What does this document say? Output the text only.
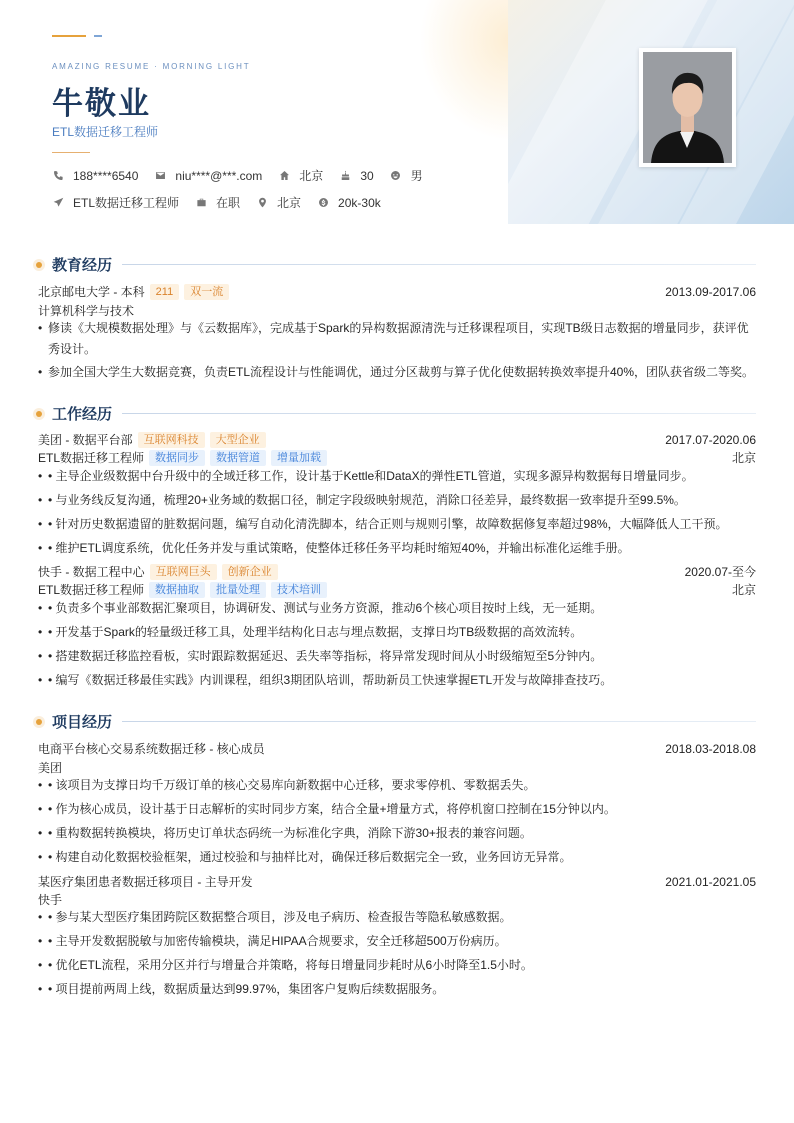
AMAZING RESUME · MORNING LIGHT
牛敬业
ETL数据迁移工程师
188****6540	niu****@***.com	北京	30	男
ETL数据迁移工程师	在职	北京	20k-30k
教育经历
北京邮电大学 - 本科	211	双一流	2013.09-2017.06
计算机科学与技术
• 修读《大规模数据处理》与《云数据库》，完成基于Spark的异构数据源清洗与迁移课程项目，实现TB级日志数据的增量同步，获评优秀设计。
• 参加全国大学生大数据竞赛，负责ETL流程设计与性能调优，通过分区裁剪与算子优化使数据转换效率提升40%，团队获省级二等奖。
工作经历
美团 - 数据平台部	互联网科技	大型企业	2017.07-2020.06
ETL数据迁移工程师	数据同步	数据管道	增量加载	北京
• • 主导企业级数据中台升级中的全域迁移工作，设计基于Kettle和DataX的弹性ETL管道，实现多源异构数据每日增量同步。
• • 与业务线反复沟通，梳理20+业务域的数据口径，制定字段级映射规范，消除口径差异，最终数据一致率提升至99.5%。
• • 针对历史数据遗留的脏数据问题，编写自动化清洗脚本，结合正则与规则引擎，故障数据修复率超过98%，大幅降低人工干预。
• • 维护ETL调度系统，优化任务并发与重试策略，使整体迁移任务平均耗时缩短40%，并输出标准化运维手册。
快手 - 数据工程中心	互联网巨头	创新企业	2020.07-至今
ETL数据迁移工程师	数据抽取	批量处理	技术培训	北京
• • 负责多个事业部数据汇聚项目，协调研发、测试与业务方资源，推动6个核心项目按时上线，无一延期。
• • 开发基于Spark的轻量级迁移工具，处理半结构化日志与埋点数据，支撑日均TB级数据的高效流转。
• • 搭建数据迁移监控看板，实时跟踪数据延迟、丢失率等指标，将异常发现时间从小时级缩短至5分钟内。
• • 编写《数据迁移最佳实践》内训课程，组织3期团队培训，帮助新员工快速掌握ETL开发与故障排查技巧。
项目经历
电商平台核心交易系统数据迁移 - 核心成员	2018.03-2018.08
美团
• • 该项目为支撑日均千万级订单的核心交易库向新数据中心迁移，要求零停机、零数据丢失。
• • 作为核心成员，设计基于日志解析的实时同步方案，结合全量+增量方式，将停机窗口控制在15分钟以内。
• • 重构数据转换模块，将历史订单状态码统一为标准化字典，消除下游30+报表的兼容问题。
• • 构建自动化数据校验框架，通过校验和与抽样比对，确保迁移后数据完全一致，业务回访无异常。
某医疗集团患者数据迁移项目 - 主导开发	2021.01-2021.05
快手
• • 参与某大型医疗集团跨院区数据整合项目，涉及电子病历、检查报告等隐私敏感数据。
• • 主导开发数据脱敏与加密传输模块，满足HIPAA合规要求，安全迁移超500万份病历。
• • 优化ETL流程，采用分区并行与增量合并策略，将每日增量同步耗时从6小时降至1.5小时。
• • 项目提前两周上线，数据质量达到99.97%，集团客户复购后续数据服务。
